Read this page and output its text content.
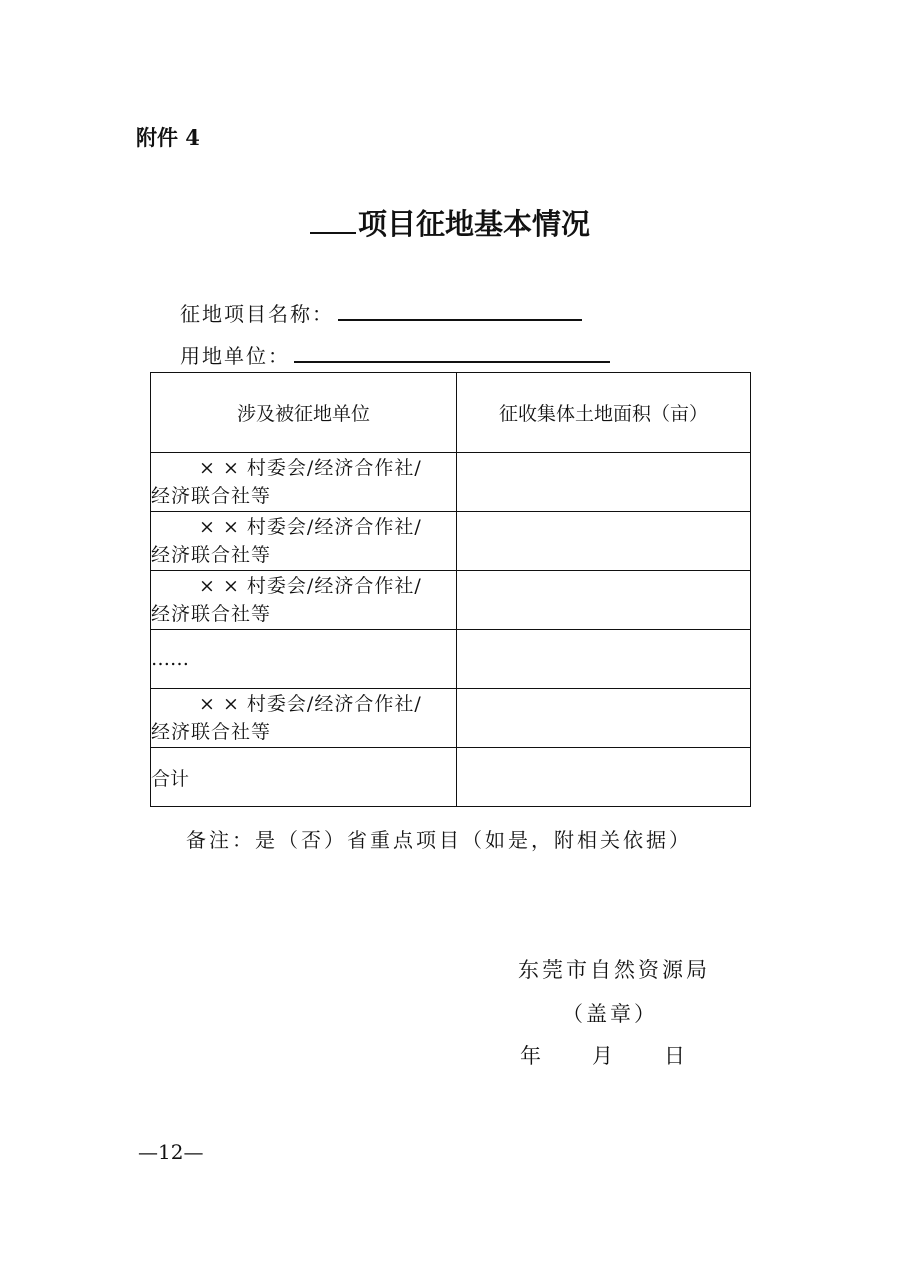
附件 4
项目征地基本情况
征地项目名称：
用地单位：
涉及被征地单位	征收集体土地面积（亩）

× × 村委会/经济合作社/
经济联合社等	

× × 村委会/经济合作社/
经济联合社等	

× × 村委会/经济合作社/
经济联合社等	

……	

× × 村委会/经济合作社/
经济联合社等	

合计	
备注：是（否）省重点项目（如是，附相关依据）
东莞市自然资源局
（盖章）
年 月 日
—12—
